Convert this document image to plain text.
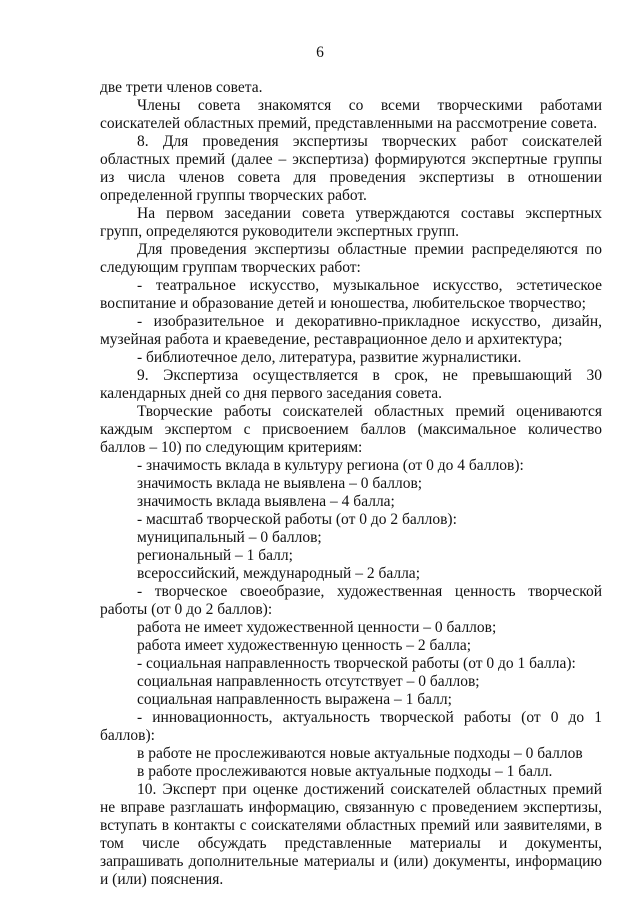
6

две трети членов совета.

Члены совета знакомятся со всеми творческими работами соискателей областных премий, представленными на рассмотрение совета.

8. Для проведения экспертизы творческих работ соискателей областных премий (далее – экспертиза) формируются экспертные группы из числа членов совета для проведения экспертизы в отношении определенной группы творческих работ.

На первом заседании совета утверждаются составы экспертных групп, определяются руководители экспертных групп.

Для проведения экспертизы областные премии распределяются по следующим группам творческих работ:

- театральное искусство, музыкальное искусство, эстетическое воспитание и образование детей и юношества, любительское творчество;

- изобразительное и декоративно-прикладное искусство, дизайн, музейная работа и краеведение, реставрационное дело и архитектура;

- библиотечное дело, литература, развитие журналистики.

9. Экспертиза осуществляется в срок, не превышающий 30 календарных дней со дня первого заседания совета.

Творческие работы соискателей областных премий оцениваются каждым экспертом с присвоением баллов (максимальное количество баллов – 10) по следующим критериям:

- значимость вклада в культуру региона (от 0 до 4 баллов):

значимость вклада не выявлена – 0 баллов;

значимость вклада выявлена – 4 балла;

- масштаб творческой работы (от 0 до 2 баллов):

муниципальный – 0 баллов;

региональный – 1 балл;

всероссийский, международный – 2 балла;

- творческое своеобразие, художественная ценность творческой работы (от 0 до 2 баллов):

работа не имеет художественной ценности – 0 баллов;

работа имеет художественную ценность – 2 балла;

- социальная направленность творческой работы (от 0 до 1 балла):

социальная направленность отсутствует – 0 баллов;

социальная направленность выражена – 1 балл;

- инновационность, актуальность творческой работы (от 0 до 1 баллов):

в работе не прослеживаются новые актуальные подходы – 0 баллов

в работе прослеживаются новые актуальные подходы – 1 балл.

10. Эксперт при оценке достижений соискателей областных премий не вправе разглашать информацию, связанную с проведением экспертизы, вступать в контакты с соискателями областных премий или заявителями, в том числе обсуждать представленные материалы и документы, запрашивать дополнительные материалы и (или) документы, информацию и (или) пояснения.
